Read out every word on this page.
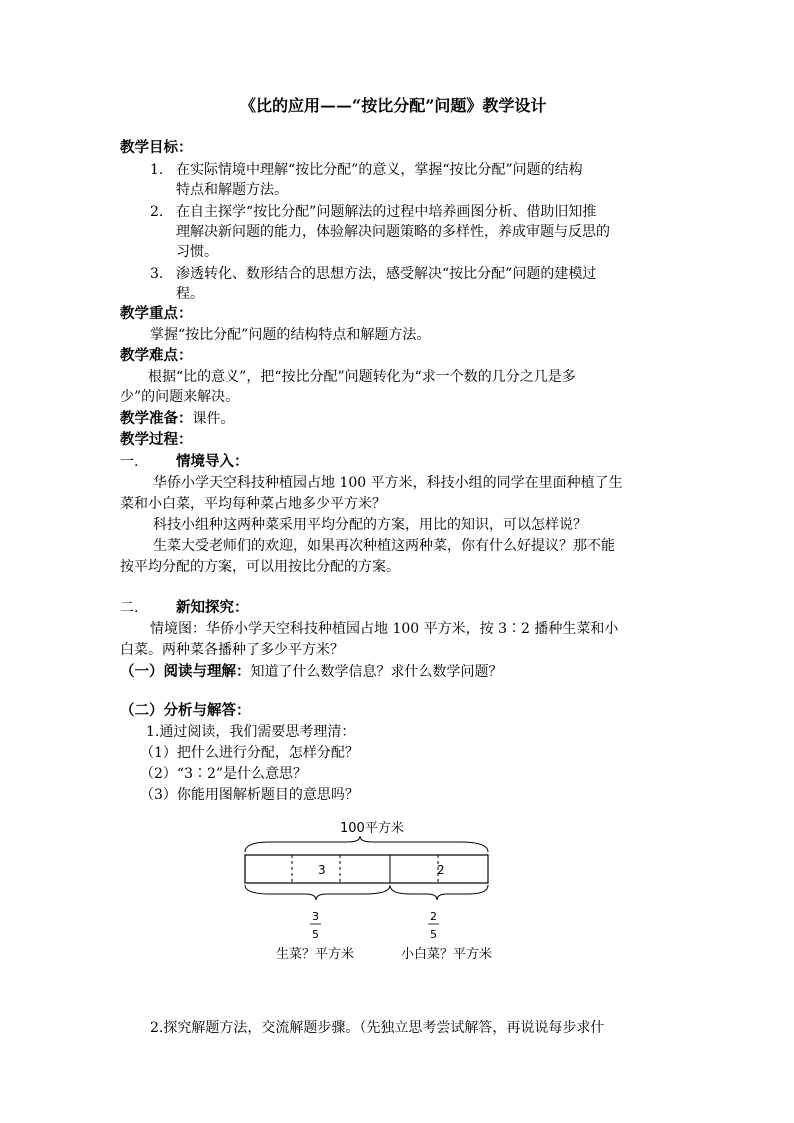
《比的应用——“按比分配”问题》教学设计
教学目标：
1. 在实际情境中理解“按比分配”的意义，掌握“按比分配”问题的结构
特点和解题方法。
2. 在自主探学“按比分配”问题解法的过程中培养画图分析、借助旧知推
理解决新问题的能力，体验解决问题策略的多样性，养成审题与反思的
习惯。
3. 渗透转化、数形结合的思想方法，感受解决“按比分配”问题的建模过
程。
教学重点：
掌握“按比分配”问题的结构特点和解题方法。
教学难点：
根据“比的意义”，把“按比分配”问题转化为“求一个数的几分之几是多
少”的问题来解决。
教学准备：课件。
教学过程：
一.	情境导入：
华侨小学天空科技种植园占地 100 平方米，科技小组的同学在里面种植了生
菜和小白菜，平均每种菜占地多少平方米？
科技小组种这两种菜采用平均分配的方案，用比的知识，可以怎样说？
生菜大受老师们的欢迎，如果再次种植这两种菜，你有什么好提议？那不能
按平均分配的方案，可以用按比分配的方案。
二.	新知探究：
情境图：华侨小学天空科技种植园占地 100 平方米，按 3∶2 播种生菜和小
白菜。两种菜各播种了多少平方米？
（一）阅读与理解：知道了什么数学信息？求什么数学问题？
（二）分析与解答：
1.通过阅读，我们需要思考理清：
（1）把什么进行分配，怎样分配？
（2）“3∶2”是什么意思？
（3）你能用图解析题目的意思吗？
100平方米
3	2
3
5
2
5
生菜？平方米	小白菜？平方米
2.探究解题方法，交流解题步骤。（先独立思考尝试解答，再说说每步求什
